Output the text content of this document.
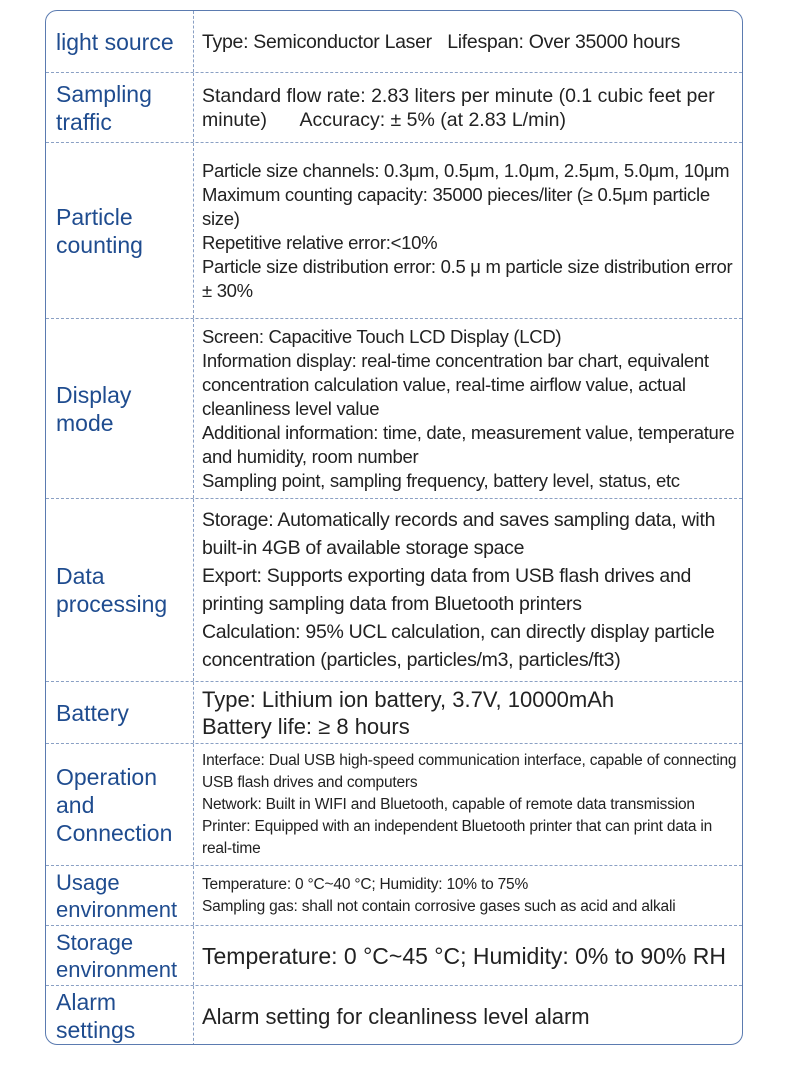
light source	Type: Semiconductor Laser   Lifespan: Over 35000 hours
Sampling traffic
Standard flow rate: 2.83 liters per minute (0.1 cubic feet per minute)      Accuracy: ± 5% (at 2.83 L/min)
Particle counting
Particle size channels: 0.3μm, 0.5μm, 1.0μm, 2.5μm, 5.0μm, 10μm
Maximum counting capacity: 35000 pieces/liter (≥ 0.5μm particle size)
Repetitive relative error:<10%
Particle size distribution error: 0.5 μ m particle size distribution error ± 30%
Display mode
Screen: Capacitive Touch LCD Display (LCD)
Information display: real-time concentration bar chart, equivalent concentration calculation value, real-time airflow value, actual cleanliness level value
Additional information: time, date, measurement value, temperature and humidity, room number
Sampling point, sampling frequency, battery level, status, etc
Data processing
Storage: Automatically records and saves sampling data, with built-in 4GB of available storage space
Export: Supports exporting data from USB flash drives and printing sampling data from Bluetooth printers
Calculation: 95% UCL calculation, can directly display particle concentration (particles, particles/m3, particles/ft3)
Battery
Type: Lithium ion battery, 3.7V, 10000mAh
Battery life: ≥ 8 hours
Operation and Connection
Interface: Dual USB high-speed communication interface, capable of connecting USB flash drives and computers
Network: Built in WIFI and Bluetooth, capable of remote data transmission
Printer: Equipped with an independent Bluetooth printer that can print data in real-time
Usage environment
Temperature: 0 °C~40 °C; Humidity: 10% to 75%
Sampling gas: shall not contain corrosive gases such as acid and alkali
Storage environment
Temperature: 0 °C~45 °C; Humidity: 0% to 90% RH
Alarm settings
Alarm setting for cleanliness level alarm
